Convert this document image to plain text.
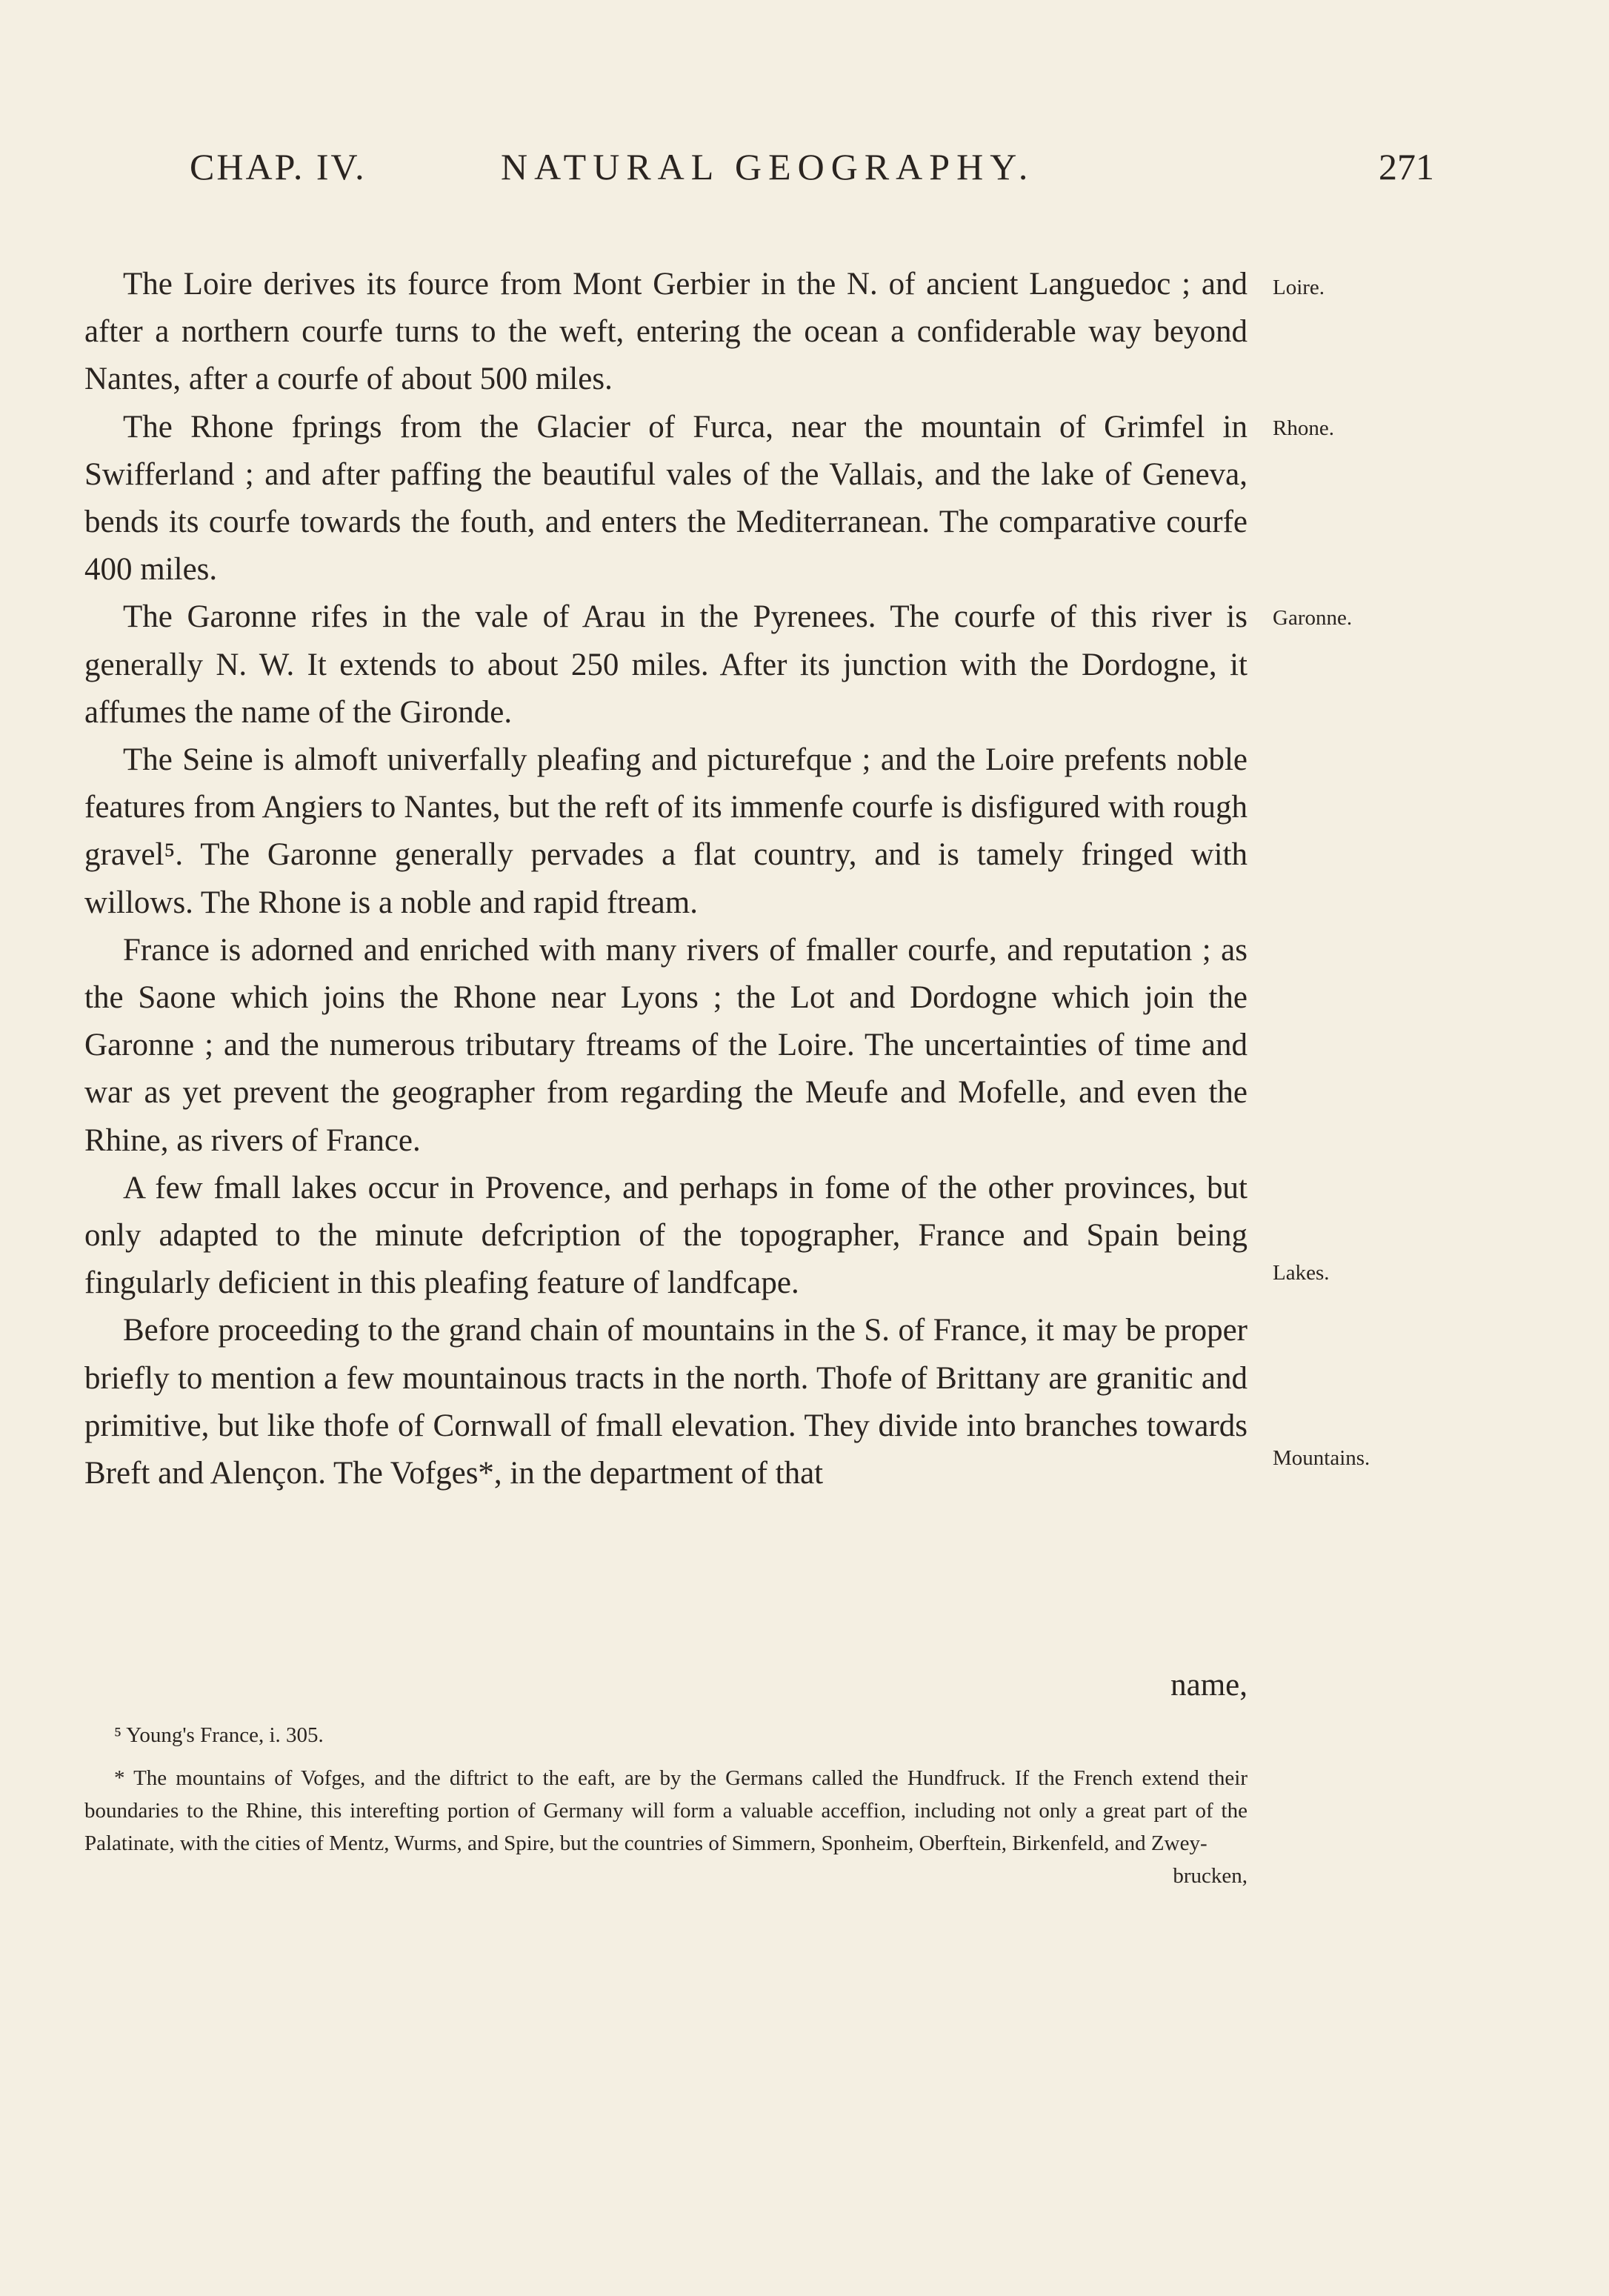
CHAP. IV.	NATURAL GEOGRAPHY.	271

The Loire derives its fource from Mont Gerbier in the N. of ancient Languedoc ; and after a northern courfe turns to the weft, entering the ocean a confiderable way beyond Nantes, after a courfe of about 500 miles.

The Rhone fprings from the Glacier of Furca, near the mountain of Grimfel in Swifferland ; and after paffing the beautiful vales of the Vallais, and the lake of Geneva, bends its courfe towards the fouth, and enters the Mediterranean. The comparative courfe 400 miles.

The Garonne rifes in the vale of Arau in the Pyrenees. The courfe of this river is generally N. W. It extends to about 250 miles. After its junction with the Dordogne, it affumes the name of the Gironde.

The Seine is almoft univerfally pleafing and picturefque ; and the Loire prefents noble features from Angiers to Nantes, but the reft of its immenfe courfe is disfigured with rough gravel⁵. The Garonne generally pervades a flat country, and is tamely fringed with willows. The Rhone is a noble and rapid ftream.

France is adorned and enriched with many rivers of fmaller courfe, and reputation ; as the Saone which joins the Rhone near Lyons ; the Lot and Dordogne which join the Garonne ; and the numerous tributary ftreams of the Loire. The uncertainties of time and war as yet prevent the geographer from regarding the Meufe and Mofelle, and even the Rhine, as rivers of France.

A few fmall lakes occur in Provence, and perhaps in fome of the other provinces, but only adapted to the minute defcription of the topographer, France and Spain being fingularly deficient in this pleafing feature of landfcape.

Before proceeding to the grand chain of mountains in the S. of France, it may be proper briefly to mention a few mountainous tracts in the north. Thofe of Brittany are granitic and primitive, but like thofe of Cornwall of fmall elevation. They divide into branches towards Breft and Alençon. The Vofges*, in the department of that

Loire.
Rhone.
Garonne.
Lakes.
Mountains.
name,

⁵ Young's France, i. 305.

* The mountains of Vofges, and the diftrict to the eaft, are by the Germans called the Hundfruck. If the French extend their boundaries to the Rhine, this interefting portion of Germany will form a valuable acceffion, including not only a great part of the Palatinate, with the cities of Mentz, Wurms, and Spire, but the countries of Simmern, Sponheim, Oberftein, Birkenfeld, and Zwey-

brucken,
